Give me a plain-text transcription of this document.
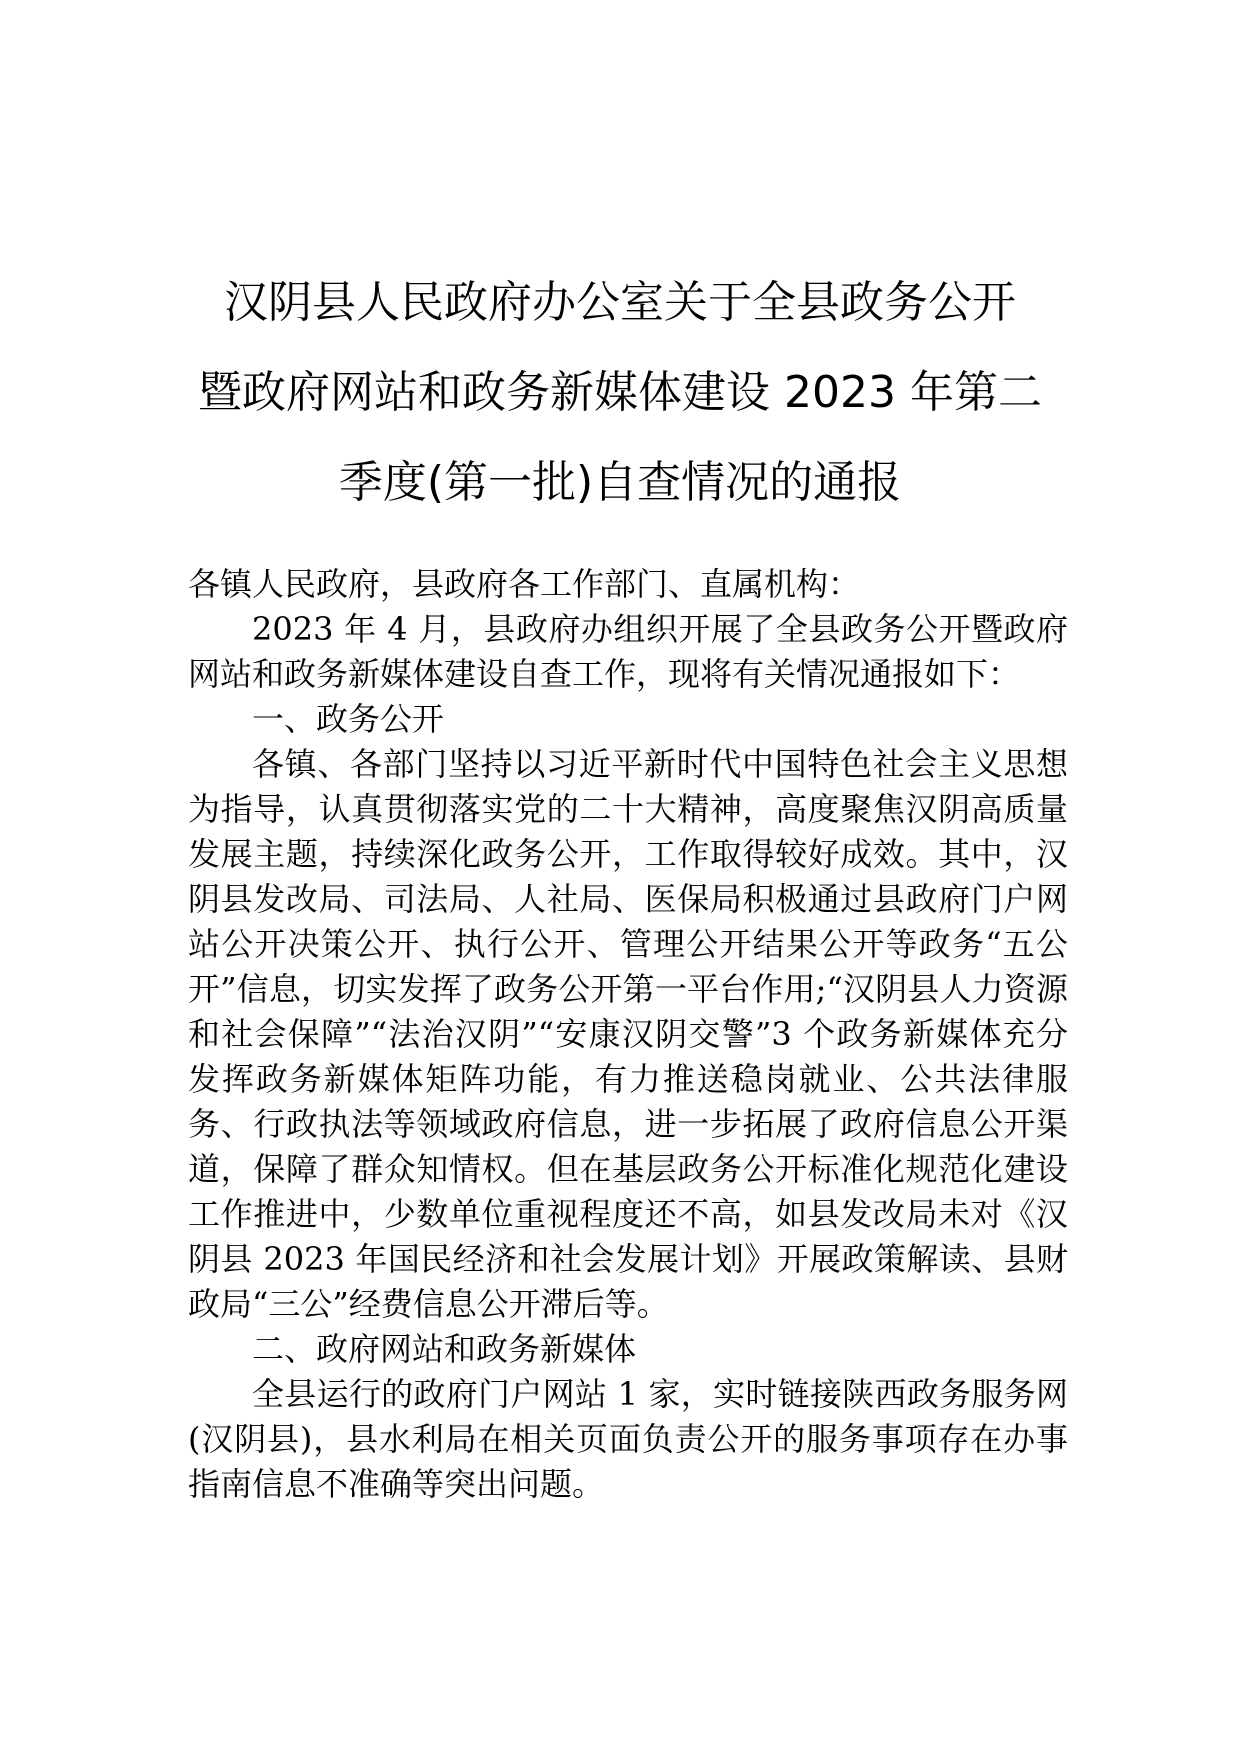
汉阴县人民政府办公室关于全县政务公开
暨政府网站和政务新媒体建设 2023 年第二
季度(第一批)自查情况的通报

各镇人民政府，县政府各工作部门、直属机构：

2023 年 4 月，县政府办组织开展了全县政务公开暨政府网站和政务新媒体建设自查工作，现将有关情况通报如下：

一、政务公开

各镇、各部门坚持以习近平新时代中国特色社会主义思想为指导，认真贯彻落实党的二十大精神，高度聚焦汉阴高质量发展主题，持续深化政务公开，工作取得较好成效。其中，汉阴县发改局、司法局、人社局、医保局积极通过县政府门户网站公开决策公开、执行公开、管理公开结果公开等政务“五公开”信息，切实发挥了政务公开第一平台作用;“汉阴县人力资源和社会保障”“法治汉阴”“安康汉阴交警”3 个政务新媒体充分发挥政务新媒体矩阵功能，有力推送稳岗就业、公共法律服务、行政执法等领域政府信息，进一步拓展了政府信息公开渠道，保障了群众知情权。但在基层政务公开标准化规范化建设工作推进中，少数单位重视程度还不高，如县发改局未对《汉阴县 2023 年国民经济和社会发展计划》开展政策解读、县财政局“三公”经费信息公开滞后等。

二、政府网站和政务新媒体

全县运行的政府门户网站 1 家，实时链接陕西政务服务网(汉阴县)，县水利局在相关页面负责公开的服务事项存在办事指南信息不准确等突出问题。
